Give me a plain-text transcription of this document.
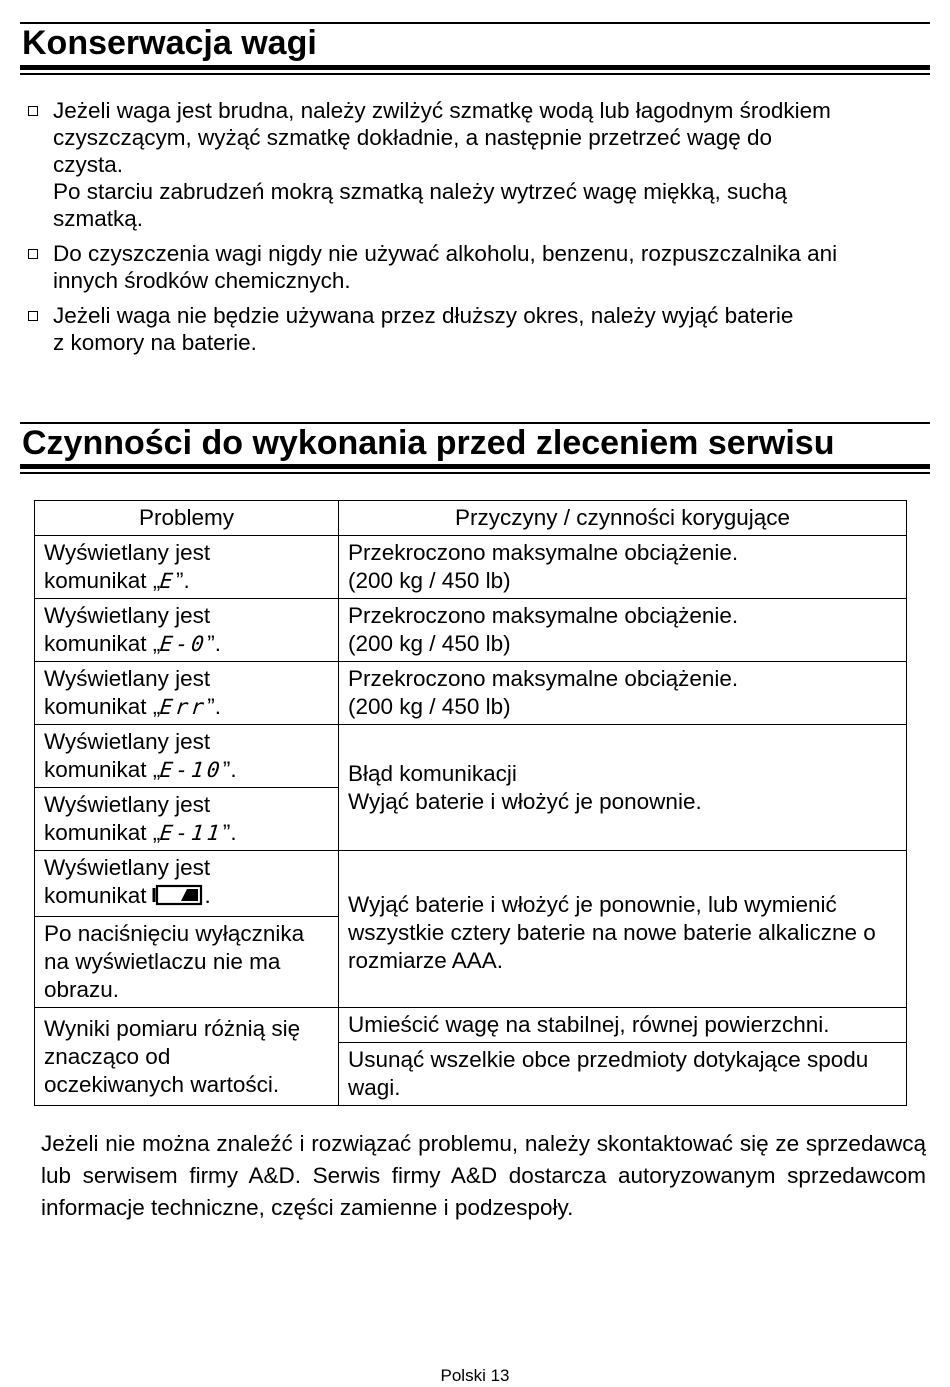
Konserwacja wagi
Jeżeli waga jest brudna, należy zwilżyć szmatkę wodą lub łagodnym środkiem
czyszczącym, wyżąć szmatkę dokładnie, a następnie przetrzeć wagę do
czysta.
Po starciu zabrudzeń mokrą szmatką należy wytrzeć wagę miękką, suchą
szmatką.
Do czyszczenia wagi nigdy nie używać alkoholu, benzenu, rozpuszczalnika ani
innych środków chemicznych.
Jeżeli waga nie będzie używana przez dłuższy okres, należy wyjąć baterie
z komory na baterie.
Czynności do wykonania przed zleceniem serwisu
Problemy	Przyczyny / czynności korygujące

Wyświetlany jest
komunikat „E”.	Przekroczono maksymalne obciążenie.
(200 kg / 450 lb)

Wyświetlany jest
komunikat „E-0”.	Przekroczono maksymalne obciążenie.
(200 kg / 450 lb)

Wyświetlany jest
komunikat „Err”.	Przekroczono maksymalne obciążenie.
(200 kg / 450 lb)

Wyświetlany jest
komunikat „E-10”.	Błąd komunikacji
Wyjąć baterie i włożyć je ponownie.

Wyświetlany jest
komunikat „E-11”.	

Wyświetlany jest
komunikat .	Wyjąć baterie i włożyć je ponownie, lub wymienić wszystkie cztery baterie na nowe baterie alkaliczne o rozmiarze AAA.

Po naciśnięciu wyłącznika
na wyświetlaczu nie ma
obrazu.	

Wyniki pomiaru różnią się
znacząco od
oczekiwanych wartości.	Umieścić wagę na stabilnej, równej powierzchni.
	Usunąć wszelkie obce przedmioty dotykające spodu wagi.

Jeżeli nie można znaleźć i rozwiązać problemu, należy skontaktować się ze sprzedawcą lub serwisem firmy A&D. Serwis firmy A&D dostarcza autoryzowanym sprzedawcom informacje techniczne, części zamienne i podzespoły.

Polski 13
